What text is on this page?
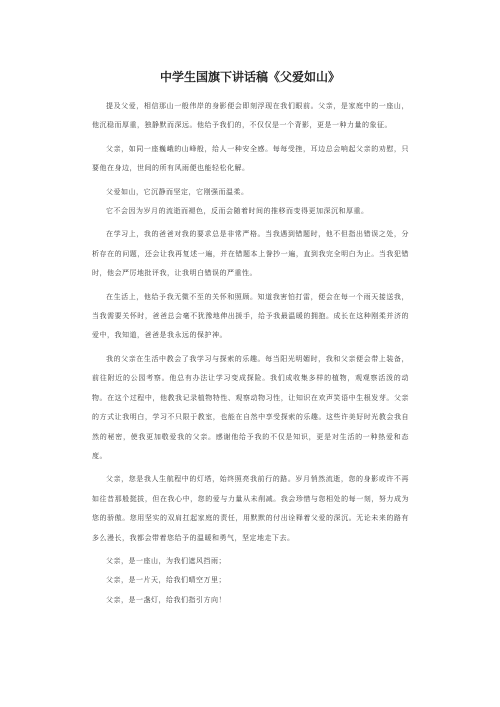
中学生国旗下讲话稿《父爱如山》

提及父爱，相信那山一般伟岸的身影便会即刻浮现在我们眼前。父亲，是家庭中的一座山，他沉稳而厚重，独静默而深远。他给予我们的，不仅仅是一个背影，更是一种力量的象征。

父亲，如同一座巍峨的山峰般，给人一种安全感。每每受挫，耳边总会响起父亲的劝慰，只要他在身边，世间的所有风雨便也能轻松化解。

父爱如山，它沉静而坚定，它刚强而温柔。

它不会因为岁月的流逝而褪色，反而会随着时间的推移而变得更加深沉和厚重。

在学习上，我的爸爸对我的要求总是非常严格。当我遇到错题时，他不但指出错误之处，分析存在的问题，还会让我再复述一遍，并在错题本上誊抄一遍，直到我完全明白为止。当我犯错时，他会严厉地批评我，让我明白错误的严重性。

在生活上，他给予我无微不至的关怀和照顾。知道我害怕打雷，便会在每一个雨天接送我，当我需要关怀时，爸爸总会毫不犹豫地伸出援手，给予我最温暖的拥抱。成长在这种刚柔并济的爱中，我知道，爸爸是我永远的保护神。

我的父亲在生活中教会了我学习与探索的乐趣。每当阳光明媚时，我和父亲便会带上装备，前往附近的公园考察。他总有办法让学习变成探险。我们成收集多样的植物，观观察活泼的动物。在这个过程中，他教我记录植物特性、观察动物习性，让知识在欢声笑语中生根发芽。父亲的方式让我明白，学习不只限于教室，也能在自然中享受探索的乐趣。这些许美好时光教会我自然的秘密，使我更加敬爱我的父亲。感谢他给予我的不仅是知识，更是对生活的一种热爱和态度。

父亲，您是我人生航程中的灯塔，始终照亮我前行的路。岁月悄然流逝，您的身影或许不再如往昔那般挺拔，但在我心中，您的爱与力量从未削减。我会珍惜与您相处的每一刻，努力成为您的骄傲。您用坚实的双肩扛起家庭的责任，用默默的付出诠释着父爱的深沉。无论未来的路有多么漫长，我都会带着您给予的温暖和勇气，坚定地走下去。

父亲，是一座山，为我们遮风挡雨；

父亲，是一片天，给我们晴空万里；

父亲，是一盏灯，给我们指引方向！
